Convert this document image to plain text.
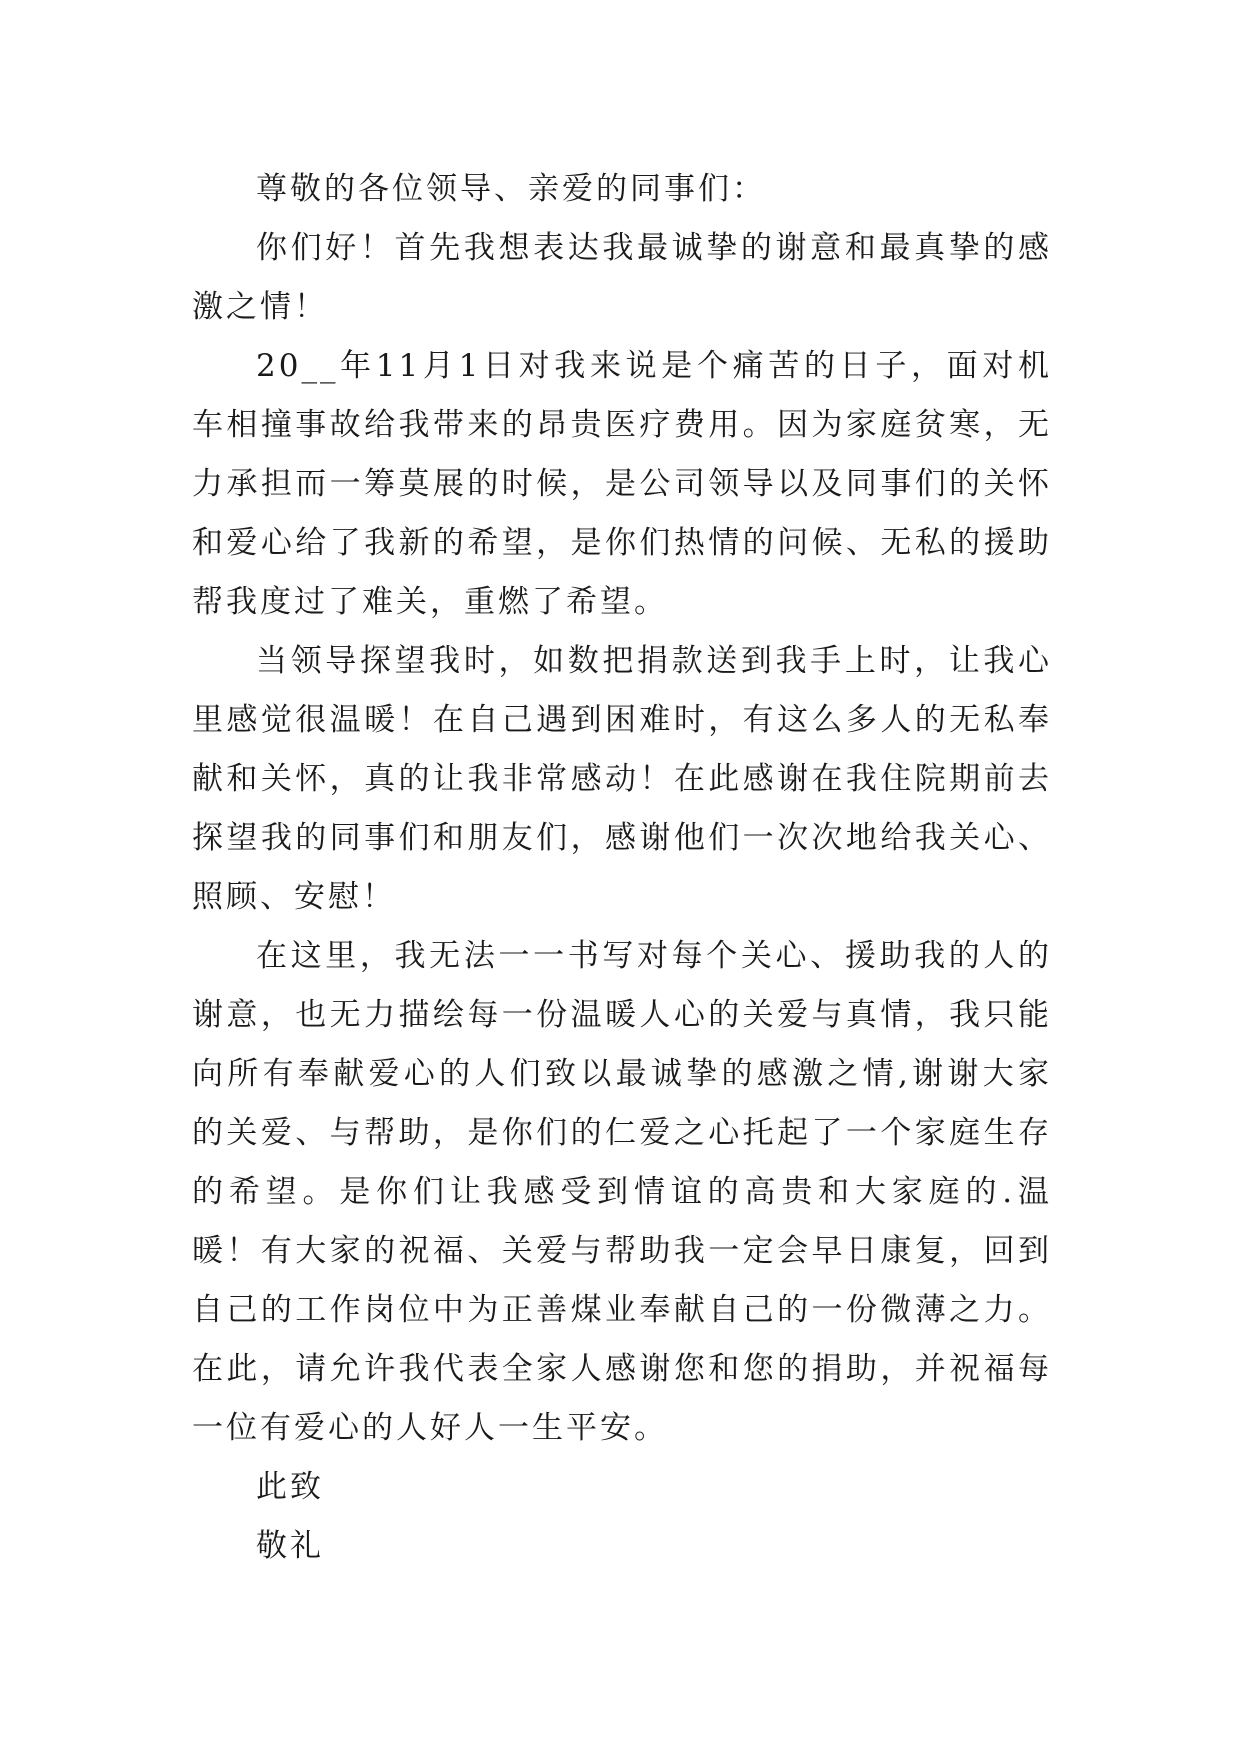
尊敬的各位领导、亲爱的同事们：

你们好！首先我想表达我最诚挚的谢意和最真挚的感激之情！

20__年11月1日对我来说是个痛苦的日子，面对机车相撞事故给我带来的昂贵医疗费用。因为家庭贫寒，无力承担而一筹莫展的时候，是公司领导以及同事们的关怀和爱心给了我新的希望，是你们热情的问候、无私的援助帮我度过了难关，重燃了希望。

当领导探望我时，如数把捐款送到我手上时，让我心里感觉很温暖！在自己遇到困难时，有这么多人的无私奉献和关怀，真的让我非常感动！在此感谢在我住院期前去探望我的同事们和朋友们，感谢他们一次次地给我关心、照顾、安慰！

在这里，我无法一一书写对每个关心、援助我的人的谢意，也无力描绘每一份温暖人心的关爱与真情，我只能向所有奉献爱心的人们致以最诚挚的感激之情,谢谢大家的关爱、与帮助，是你们的仁爱之心托起了一个家庭生存的希望。是你们让我感受到情谊的高贵和大家庭的.温暖！有大家的祝福、关爱与帮助我一定会早日康复，回到自己的工作岗位中为正善煤业奉献自己的一份微薄之力。在此，请允许我代表全家人感谢您和您的捐助，并祝福每一位有爱心的人好人一生平安。

此致

敬礼
